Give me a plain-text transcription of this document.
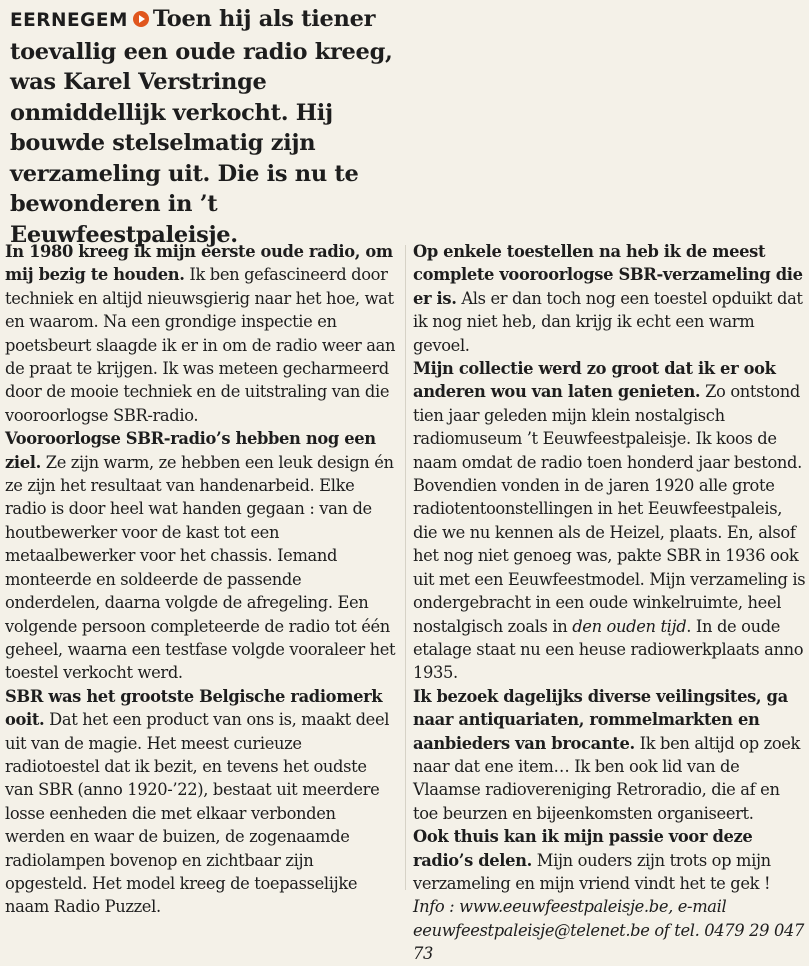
EERNEGEM Toen hij als tiener toevallig een oude radio kreeg, was Karel Verstringe onmiddellijk verkocht. Hij bouwde stelselmatig zijn verzameling uit. Die is nu te bewonderen in ’t Eeuwfeestpaleisje.

In 1980 kreeg ik mijn eerste oude radio, om mij bezig te houden. Ik ben gefascineerd door techniek en altijd nieuwsgierig naar het hoe, wat en waarom. Na een grondige inspectie en poetsbeurt slaagde ik er in om de radio weer aan de praat te krijgen. Ik was meteen gecharmeerd door de mooie techniek en de uitstraling van die vooroorlogse SBR-radio.

Vooroorlogse SBR-radio’s hebben nog een ziel. Ze zijn warm, ze hebben een leuk design én ze zijn het resultaat van handenarbeid. Elke radio is door heel wat handen gegaan : van de houtbewerker voor de kast tot een metaalbewerker voor het chassis. Iemand monteerde en soldeerde de passende onderdelen, daarna volgde de afregeling. Een volgende persoon completeerde de radio tot één geheel, waarna een testfase volgde vooraleer het toestel verkocht werd.

SBR was het grootste Belgische radiomerk ooit. Dat het een product van ons is, maakt deel uit van de magie. Het meest curieuze radiotoestel dat ik bezit, en tevens het oudste van SBR (anno 1920-’22), bestaat uit meerdere losse eenheden die met elkaar verbonden werden en waar de buizen, de zogenaamde radiolampen bovenop en zichtbaar zijn opgesteld. Het model kreeg de toepasselijke naam Radio Puzzel.

Op enkele toestellen na heb ik de meest complete vooroorlogse SBR-verzameling die er is. Als er dan toch nog een toestel opduikt dat ik nog niet heb, dan krijg ik echt een warm gevoel.

Mijn collectie werd zo groot dat ik er ook anderen wou van laten genieten. Zo ontstond tien jaar geleden mijn klein nostalgisch radiomuseum ’t Eeuwfeestpaleisje. Ik koos de naam omdat de radio toen honderd jaar bestond. Bovendien vonden in de jaren 1920 alle grote radiotentoonstellingen in het Eeuwfeestpaleis, die we nu kennen als de Heizel, plaats. En, alsof het nog niet genoeg was, pakte SBR in 1936 ook uit met een Eeuwfeestmodel. Mijn verzameling is ondergebracht in een oude winkelruimte, heel nostalgisch zoals in den ouden tijd. In de oude etalage staat nu een heuse radiowerkplaats anno 1935.

Ik bezoek dagelijks diverse veilingsites, ga naar antiquariaten, rommelmarkten en aanbieders van brocante. Ik ben altijd op zoek naar dat ene item… Ik ben ook lid van de Vlaamse radiovereniging Retroradio, die af en toe beurzen en bijeenkomsten organiseert.

Ook thuis kan ik mijn passie voor deze radio’s delen. Mijn ouders zijn trots op mijn verzameling en mijn vriend vindt het te gek !

Info : www.eeuwfeestpaleisje.be, e-mail eeuwfeestpaleisje@telenet.be of tel. 0479 29 047 73
